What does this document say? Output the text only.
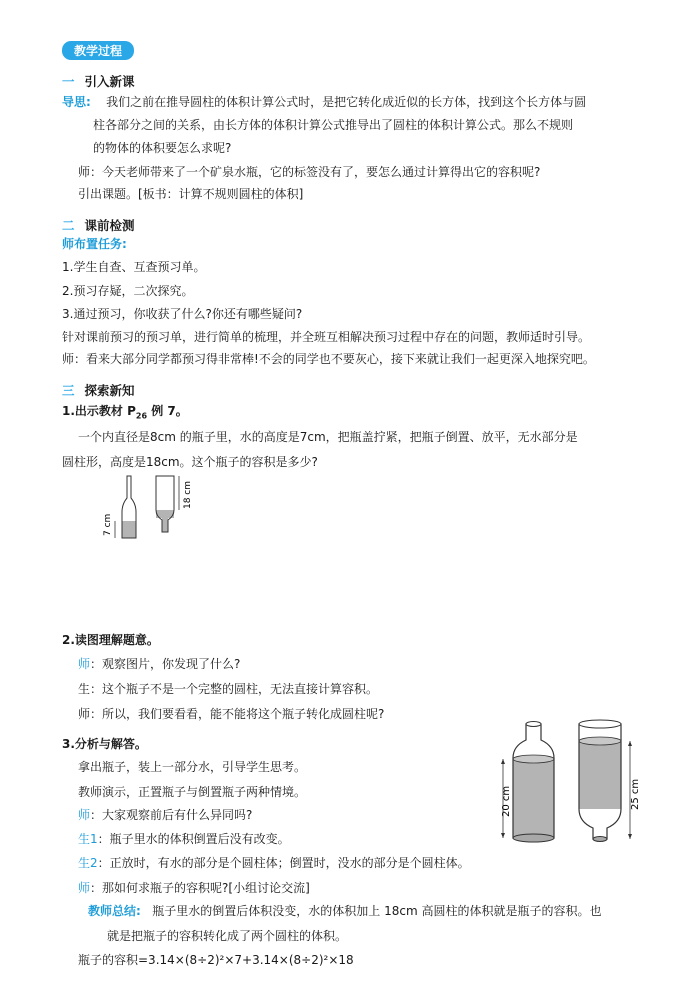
教学过程
一 引入新课
导思: 我们之前在推导圆柱的体积计算公式时，是把它转化成近似的长方体，找到这个长方体与圆
柱各部分之间的关系，由长方体的体积计算公式推导出了圆柱的体积计算公式。那么不规则
的物体的体积要怎么求呢?
师：今天老师带来了一个矿泉水瓶，它的标签没有了，要怎么通过计算得出它的容积呢?
引出课题。[板书：计算不规则圆柱的体积]
二 课前检测
师布置任务:
1.学生自查、互查预习单。
2.预习存疑，二次探究。
3.通过预习，你收获了什么?你还有哪些疑问?
针对课前预习的预习单，进行简单的梳理，并全班互相解决预习过程中存在的问题，教师适时引导。
师：看来大部分同学都预习得非常棒!不会的同学也不要灰心，接下来就让我们一起更深入地探究吧。
三 探索新知
1.出示教材 $P_{26}$ 例 7。
一个内直径是8cm 的瓶子里，水的高度是7cm，把瓶盖拧紧，把瓶子倒置、放平，无水部分是
圆柱形，高度是18cm。这个瓶子的容积是多少?
7 cm
18 cm
2.读图理解题意。
师：观察图片，你发现了什么?
生：这个瓶子不是一个完整的圆柱，无法直接计算容积。
师：所以，我们要看看，能不能将这个瓶子转化成圆柱呢?
3.分析与解答。
拿出瓶子，装上一部分水，引导学生思考。
教师演示，正置瓶子与倒置瓶子两种情境。
师：大家观察前后有什么异同吗?
生1：瓶子里水的体积倒置后没有改变。
生2：正放时，有水的部分是个圆柱体；倒置时，没水的部分是个圆柱体。
师：那如何求瓶子的容积呢?[小组讨论交流]
教师总结: 瓶子里水的倒置后体积没变，水的体积加上 18cm 高圆柱的体积就是瓶子的容积。也
就是把瓶子的容积转化成了两个圆柱的体积。
瓶子的容积=3.14×(8÷2)²×7+3.14×(8÷2)²×18
20 cm	25 cm
